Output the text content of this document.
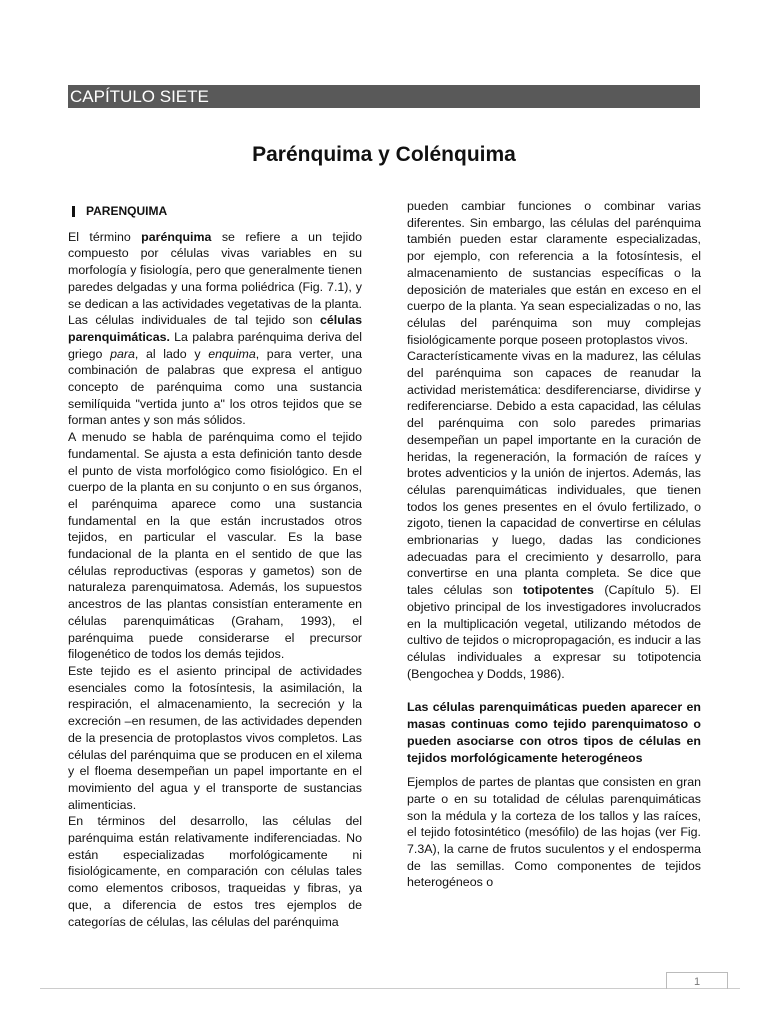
CAPÍTULO SIETE
Parénquima y Colénquima
PARENQUIMA

El término parénquima se refiere a un tejido compuesto por células vivas variables en su morfología y fisiología, pero que generalmente tienen paredes delgadas y una forma poliédrica (Fig. 7.1), y se dedican a las actividades vegetativas de la planta. Las células individuales de tal tejido son células parenquimáticas. La palabra parénquima deriva del griego para, al lado y enquima, para verter, una combinación de palabras que expresa el antiguo concepto de parénquima como una sustancia semilíquida "vertida junto a" los otros tejidos que se forman antes y son más sólidos.

A menudo se habla de parénquima como el tejido fundamental. Se ajusta a esta definición tanto desde el punto de vista morfológico como fisiológico. En el cuerpo de la planta en su conjunto o en sus órganos, el parénquima aparece como una sustancia fundamental en la que están incrustados otros tejidos, en particular el vascular. Es la base fundacional de la planta en el sentido de que las células reproductivas (esporas y gametos) son de naturaleza parenquimatosa. Además, los supuestos ancestros de las plantas consistían enteramente en células parenquimáticas (Graham, 1993), el parénquima puede considerarse el precursor filogenético de todos los demás tejidos.

Este tejido es el asiento principal de actividades esenciales como la fotosíntesis, la asimilación, la respiración, el almacenamiento, la secreción y la excreción –en resumen, de las actividades dependen de la presencia de protoplastos vivos completos. Las células del parénquima que se producen en el xilema y el floema desempeñan un papel importante en el movimiento del agua y el transporte de sustancias alimenticias.

En términos del desarrollo, las células del parénquima están relativamente indiferenciadas. No están especializadas morfológicamente ni fisiológicamente, en comparación con células tales como elementos cribosos, traqueidas y fibras, ya que, a diferencia de estos tres ejemplos de categorías de células, las células del parénquima

pueden cambiar funciones o combinar varias diferentes. Sin embargo, las células del parénquima también pueden estar claramente especializadas, por ejemplo, con referencia a la fotosíntesis, el almacenamiento de sustancias específicas o la deposición de materiales que están en exceso en el cuerpo de la planta. Ya sean especializadas o no, las células del parénquima son muy complejas fisiológicamente porque poseen protoplastos vivos.

Característicamente vivas en la madurez, las células del parénquima son capaces de reanudar la actividad meristemática: desdiferenciarse, dividirse y rediferenciarse. Debido a esta capacidad, las células del parénquima con solo paredes primarias desempeñan un papel importante en la curación de heridas, la regeneración, la formación de raíces y brotes adventicios y la unión de injertos. Además, las células parenquimáticas individuales, que tienen todos los genes presentes en el óvulo fertilizado, o zigoto, tienen la capacidad de convertirse en células embrionarias y luego, dadas las condiciones adecuadas para el crecimiento y desarrollo, para convertirse en una planta completa. Se dice que tales células son totipotentes (Capítulo 5). El objetivo principal de los investigadores involucrados en la multiplicación vegetal, utilizando métodos de cultivo de tejidos o micropropagación, es inducir a las células individuales a expresar su totipotencia (Bengochea y Dodds, 1986).

Las células parenquimáticas pueden aparecer en masas continuas como tejido parenquimatoso o pueden asociarse con otros tipos de células en tejidos morfológicamente heterogéneos

Ejemplos de partes de plantas que consisten en gran parte o en su totalidad de células parenquimáticas son la médula y la corteza de los tallos y las raíces, el tejido fotosintético (mesófilo) de las hojas (ver Fig. 7.3A), la carne de frutos suculentos y el endosperma de las semillas. Como componentes de tejidos heterogéneos o

1
